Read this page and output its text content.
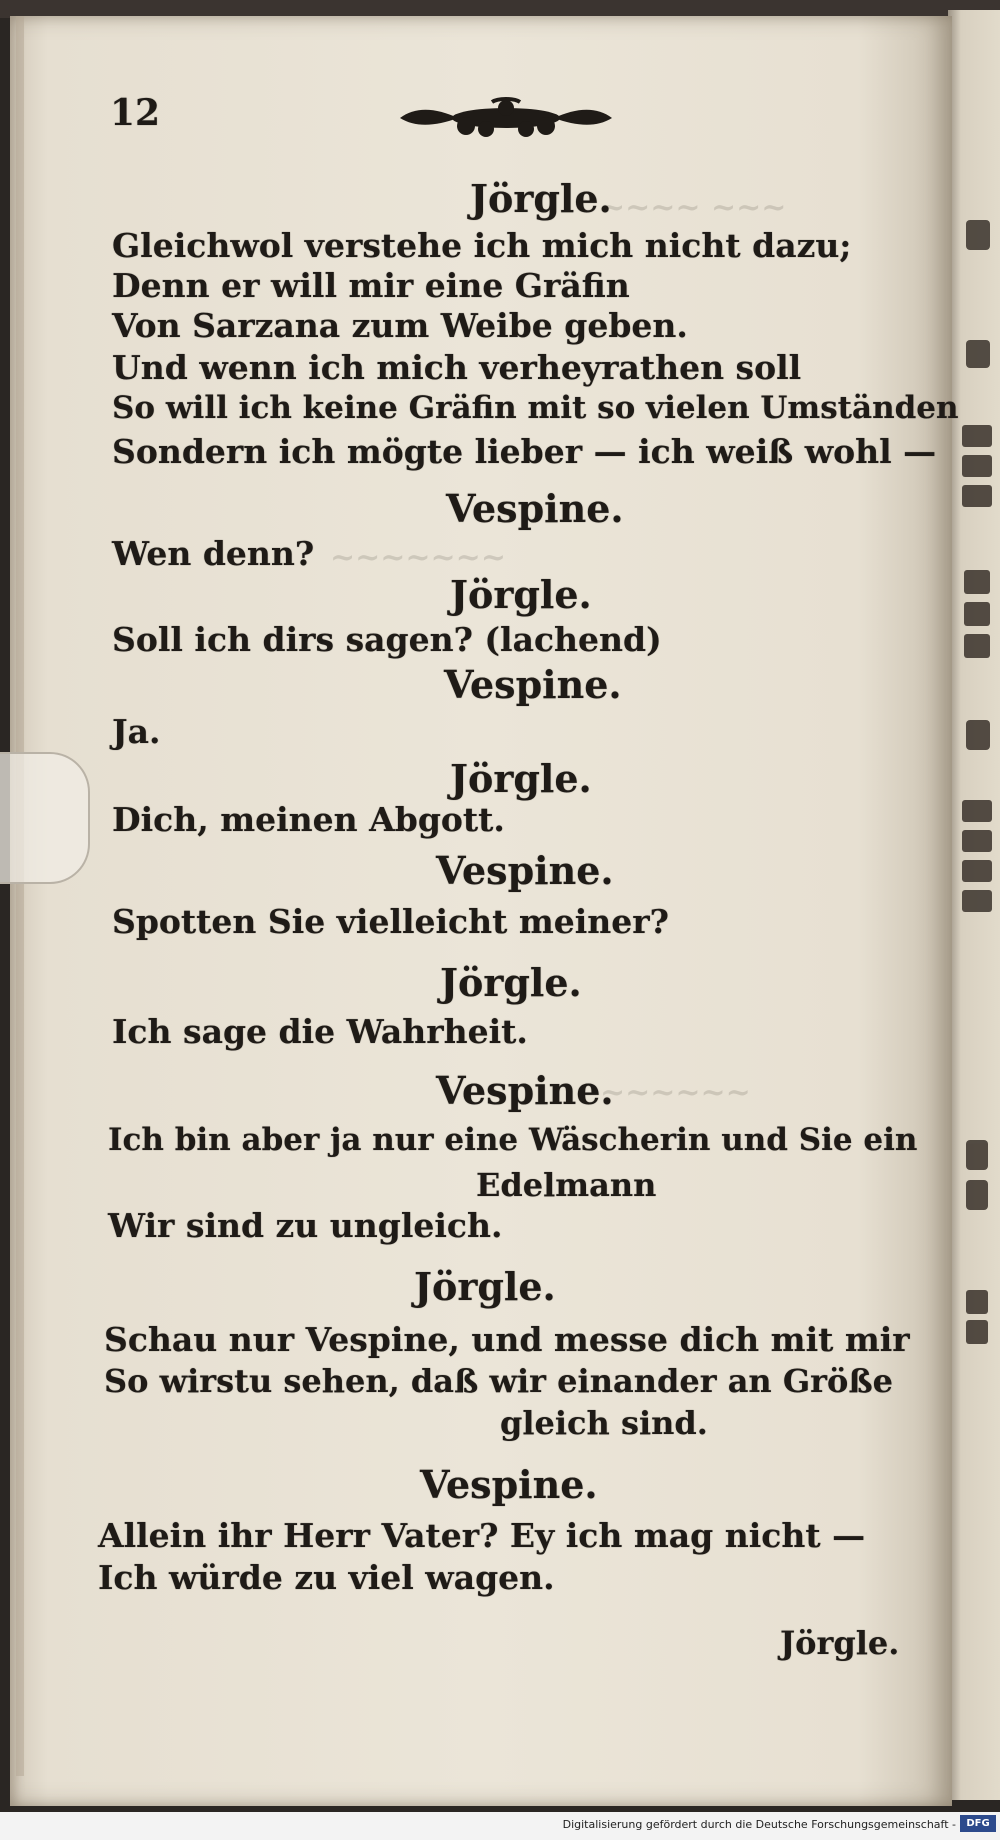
~~~~ ~~~
~~~~~~~
~~~~~~
12
Jörgle.
Gleichwol verstehe ich mich nicht dazu;
Denn er will mir eine Gräfin
Von Sarzana zum Weibe geben.
Und wenn ich mich verheyrathen soll
So will ich keine Gräfin mit so vielen Umständen
Sondern ich mögte lieber — ich weiß wohl —
Vespine.
Wen denn?
Jörgle.
Soll ich dirs sagen? (lachend)
Vespine.
Ja.
Jörgle.
Dich, meinen Abgott.
Vespine.
Spotten Sie vielleicht meiner?
Jörgle.
Ich sage die Wahrheit.
Vespine.
Ich bin aber ja nur eine Wäscherin und Sie ein
Edelmann
Wir sind zu ungleich.
Jörgle.
Schau nur Vespine, und messe dich mit mir
So wirstu sehen, daß wir einander an Größe
gleich sind.
Vespine.
Allein ihr Herr Vater? Ey ich mag nicht —
Ich würde zu viel wagen.
Jörgle.
Digitalisierung gefördert durch die Deutsche Forschungsgemeinschaft -	DFG
